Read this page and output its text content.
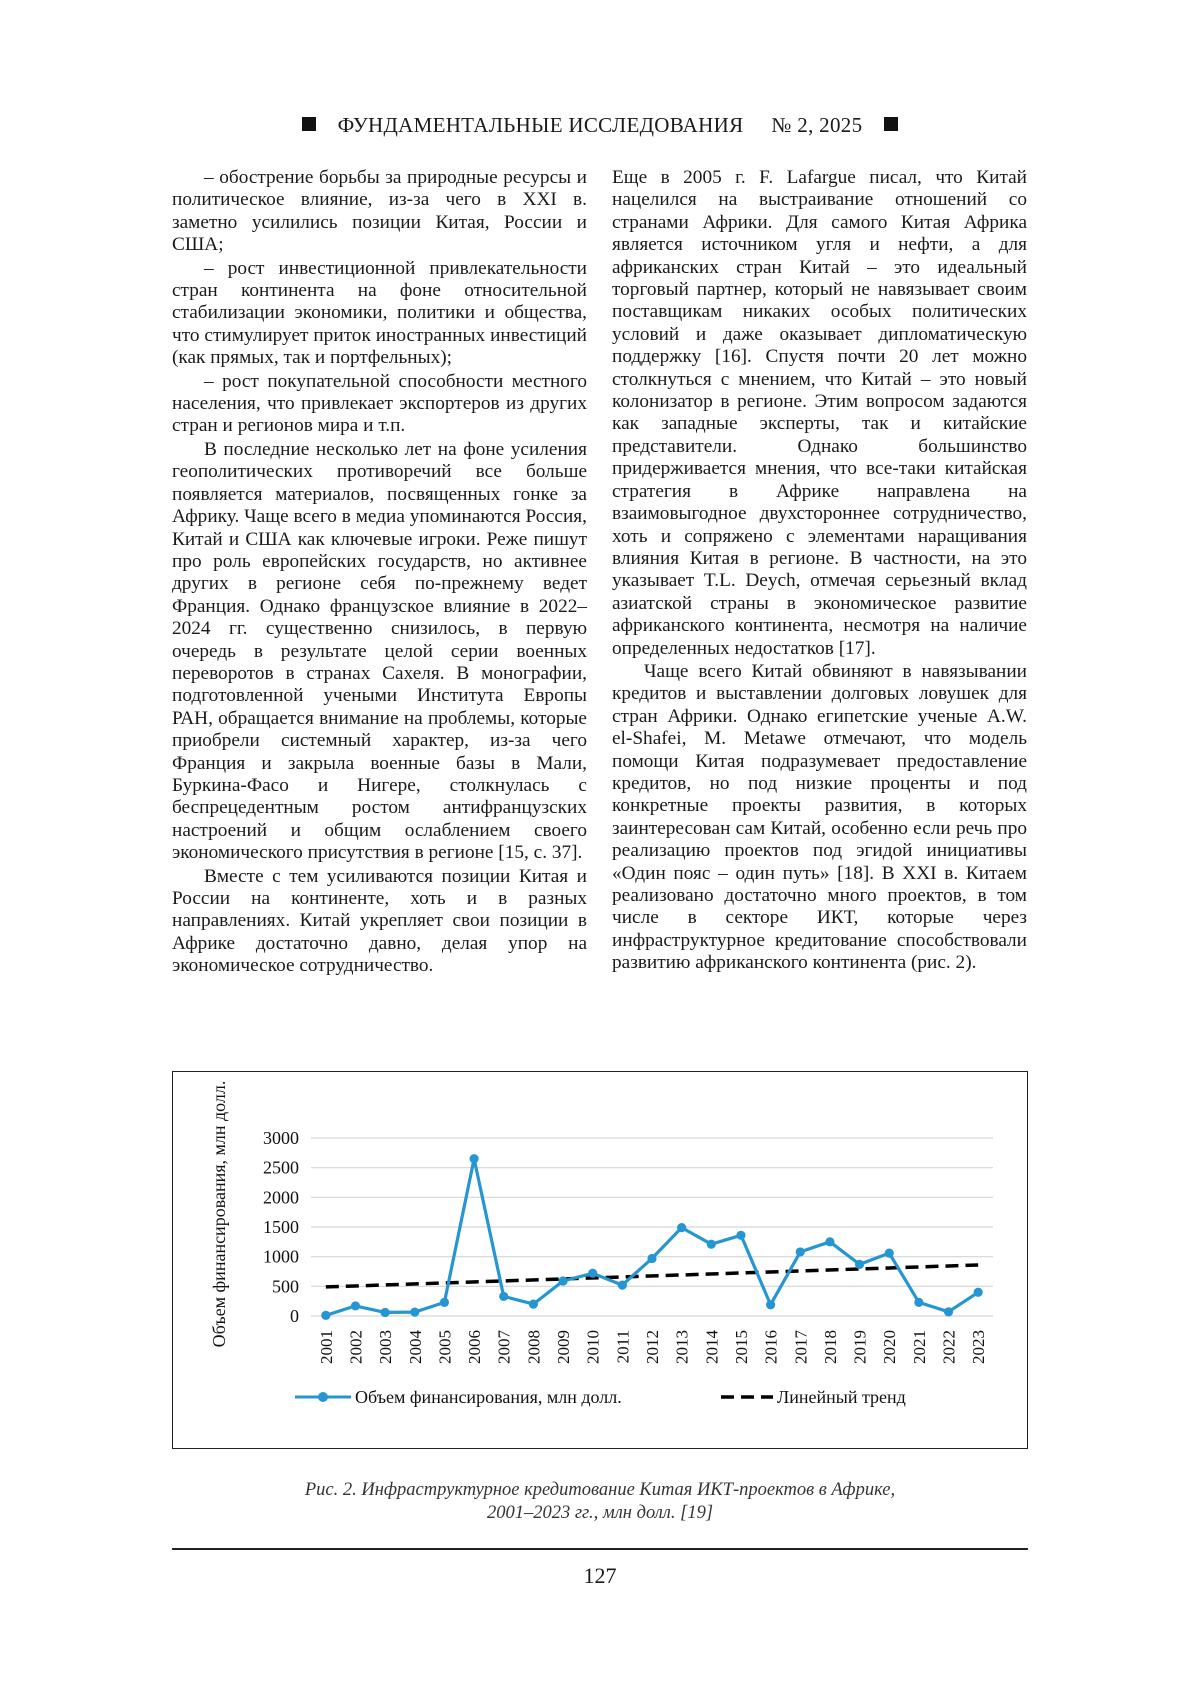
ФУНДАМЕНТАЛЬНЫЕ ИССЛЕДОВАНИЯ № 2, 2025

– обострение борьбы за природные ресурсы и политическое влияние, из-за чего в XXI в. заметно усилились позиции Китая, России и США;

– рост инвестиционной привлекательности стран континента на фоне относительной стабилизации экономики, политики и общества, что стимулирует приток иностранных инвестиций (как прямых, так и портфельных);

– рост покупательной способности местного населения, что привлекает экспортеров из других стран и регионов мира и т.п.

В последние несколько лет на фоне усиления геополитических противоречий все больше появляется материалов, посвященных гонке за Африку. Чаще всего в медиа упоминаются Россия, Китай и США как ключевые игроки. Реже пишут про роль европейских государств, но активнее других в регионе себя по-прежнему ведет Франция. Однако французское влияние в 2022–2024 гг. существенно снизилось, в первую очередь в результате целой серии военных переворотов в странах Сахеля. В монографии, подготовленной учеными Института Европы РАН, обращается внимание на проблемы, которые приобрели системный характер, из-за чего Франция и закрыла военные базы в Мали, Буркина-Фасо и Нигере, столкнулась с беспрецедентным ростом антифранцузских настроений и общим ослаблением своего экономического присутствия в регионе [15, с. 37].

Вместе с тем усиливаются позиции Китая и России на континенте, хоть и в разных направлениях. Китай укрепляет свои позиции в Африке достаточно давно, делая упор на экономическое сотрудничество.

Еще в 2005 г. F. Lafargue писал, что Китай нацелился на выстраивание отношений со странами Африки. Для самого Китая Африка является источником угля и нефти, а для африканских стран Китай – это идеальный торговый партнер, который не навязывает своим поставщикам никаких особых политических условий и даже оказывает дипломатическую поддержку [16]. Спустя почти 20 лет можно столкнуться с мнением, что Китай – это новый колонизатор в регионе. Этим вопросом задаются как западные эксперты, так и китайские представители. Однако большинство придерживается мнения, что все-таки китайская стратегия в Африке направлена на взаимовыгодное двухстороннее сотрудничество, хоть и сопряжено с элементами наращивания влияния Китая в регионе. В частности, на это указывает T.L. Deych, отмечая серьезный вклад азиатской страны в экономическое развитие африканского континента, несмотря на наличие определенных недостатков [17].

Чаще всего Китай обвиняют в навязывании кредитов и выставлении долговых ловушек для стран Африки. Однако египетские ученые A.W. el-Shafei, M. Metawe отмечают, что модель помощи Китая подразумевает предоставление кредитов, но под низкие проценты и под конкретные проекты развития, в которых заинтересован сам Китай, особенно если речь про реализацию проектов под эгидой инициативы «Один пояс – один путь» [18]. В XXI в. Китаем реализовано достаточно много проектов, в том числе в секторе ИКТ, которые через инфраструктурное кредитование способствовали развитию африканского континента (рис. 2).

0
500
1000
1500
2000
2500
3000
2001 2002 2003 2004 2005 2006 2007 2008 2009 2010 2011 2012 2013 2014 2015 2016 2017 2018 2019 2020 2021 2022 2023
Объем финансирования, млн долл.
Объем финансирования, млн долл.	Линейный тренд
Рис. 2. Инфраструктурное кредитование Китая ИКТ-проектов в Африке,
2001–2023 гг., млн долл. [19]
127
